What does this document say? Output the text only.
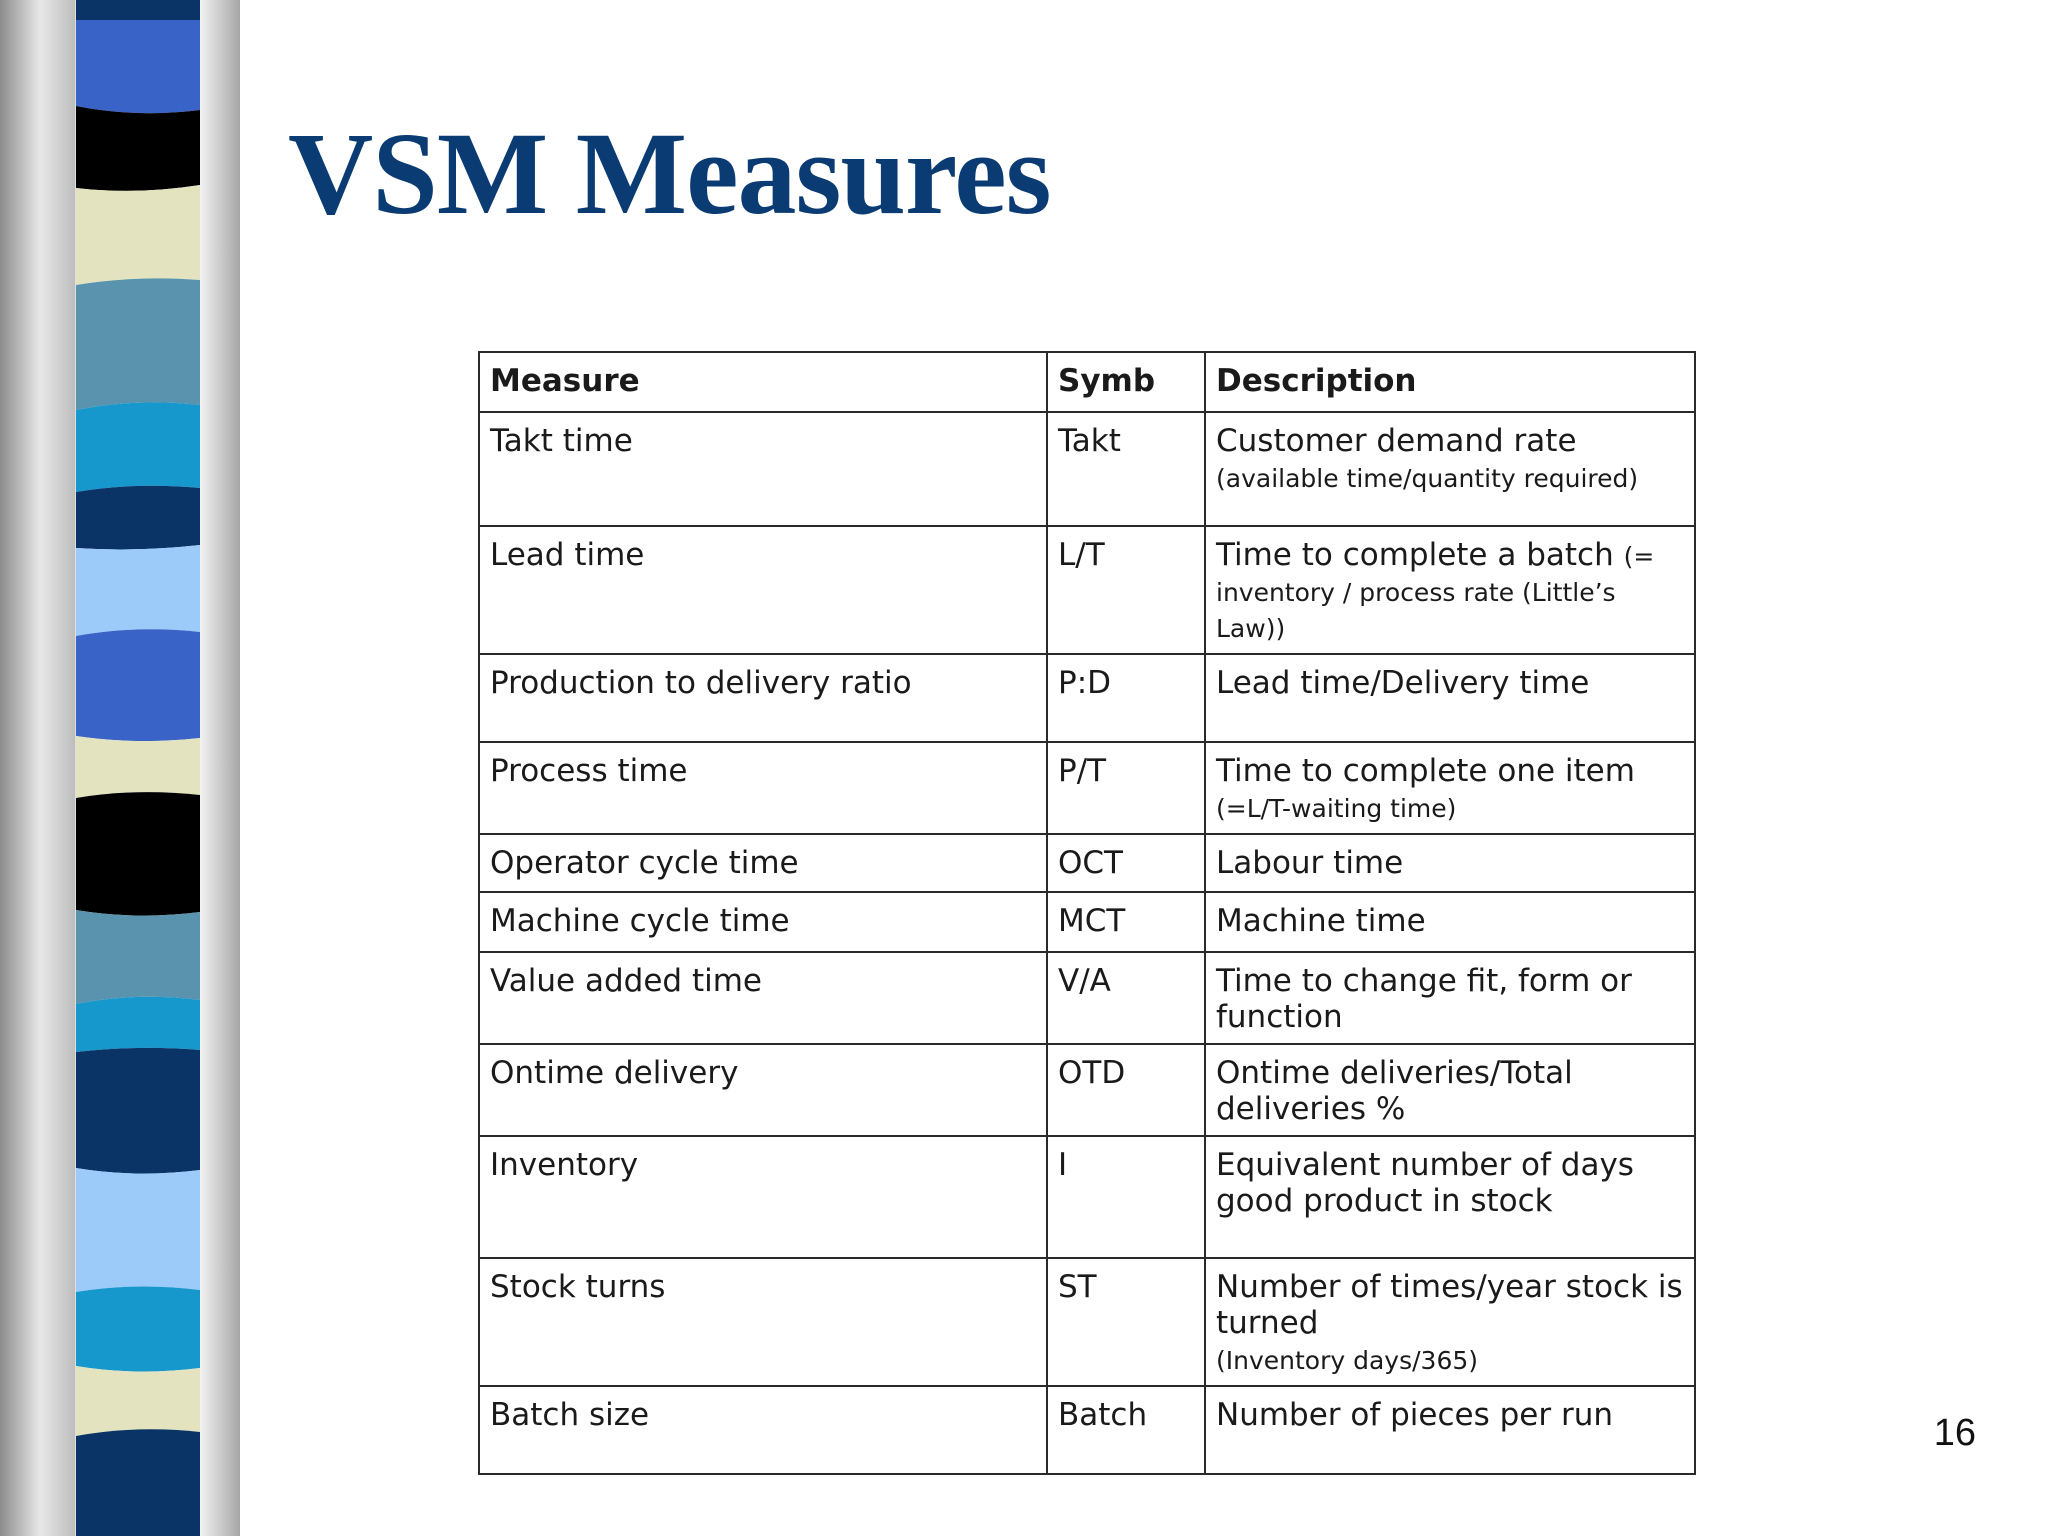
VSM Measures
Measure	Symb	Description
Takt time	Takt	Customer demand rate
(available time/quantity required)
Lead time	L/T	Time to complete a batch (= inventory / process rate (Little’s Law))
Production to delivery ratio	P:D	Lead time/Delivery time
Process time	P/T	Time to complete one item (=L/T-waiting time)
Operator cycle time	OCT	Labour time
Machine cycle time	MCT	Machine time
Value added time	V/A	Time to change fit, form or function
Ontime delivery	OTD	Ontime deliveries/Total deliveries %
Inventory	I	Equivalent number of days good product in stock
Stock turns	ST	Number of times/year stock is turned
(Inventory days/365)
Batch size	Batch	Number of pieces per run	16
